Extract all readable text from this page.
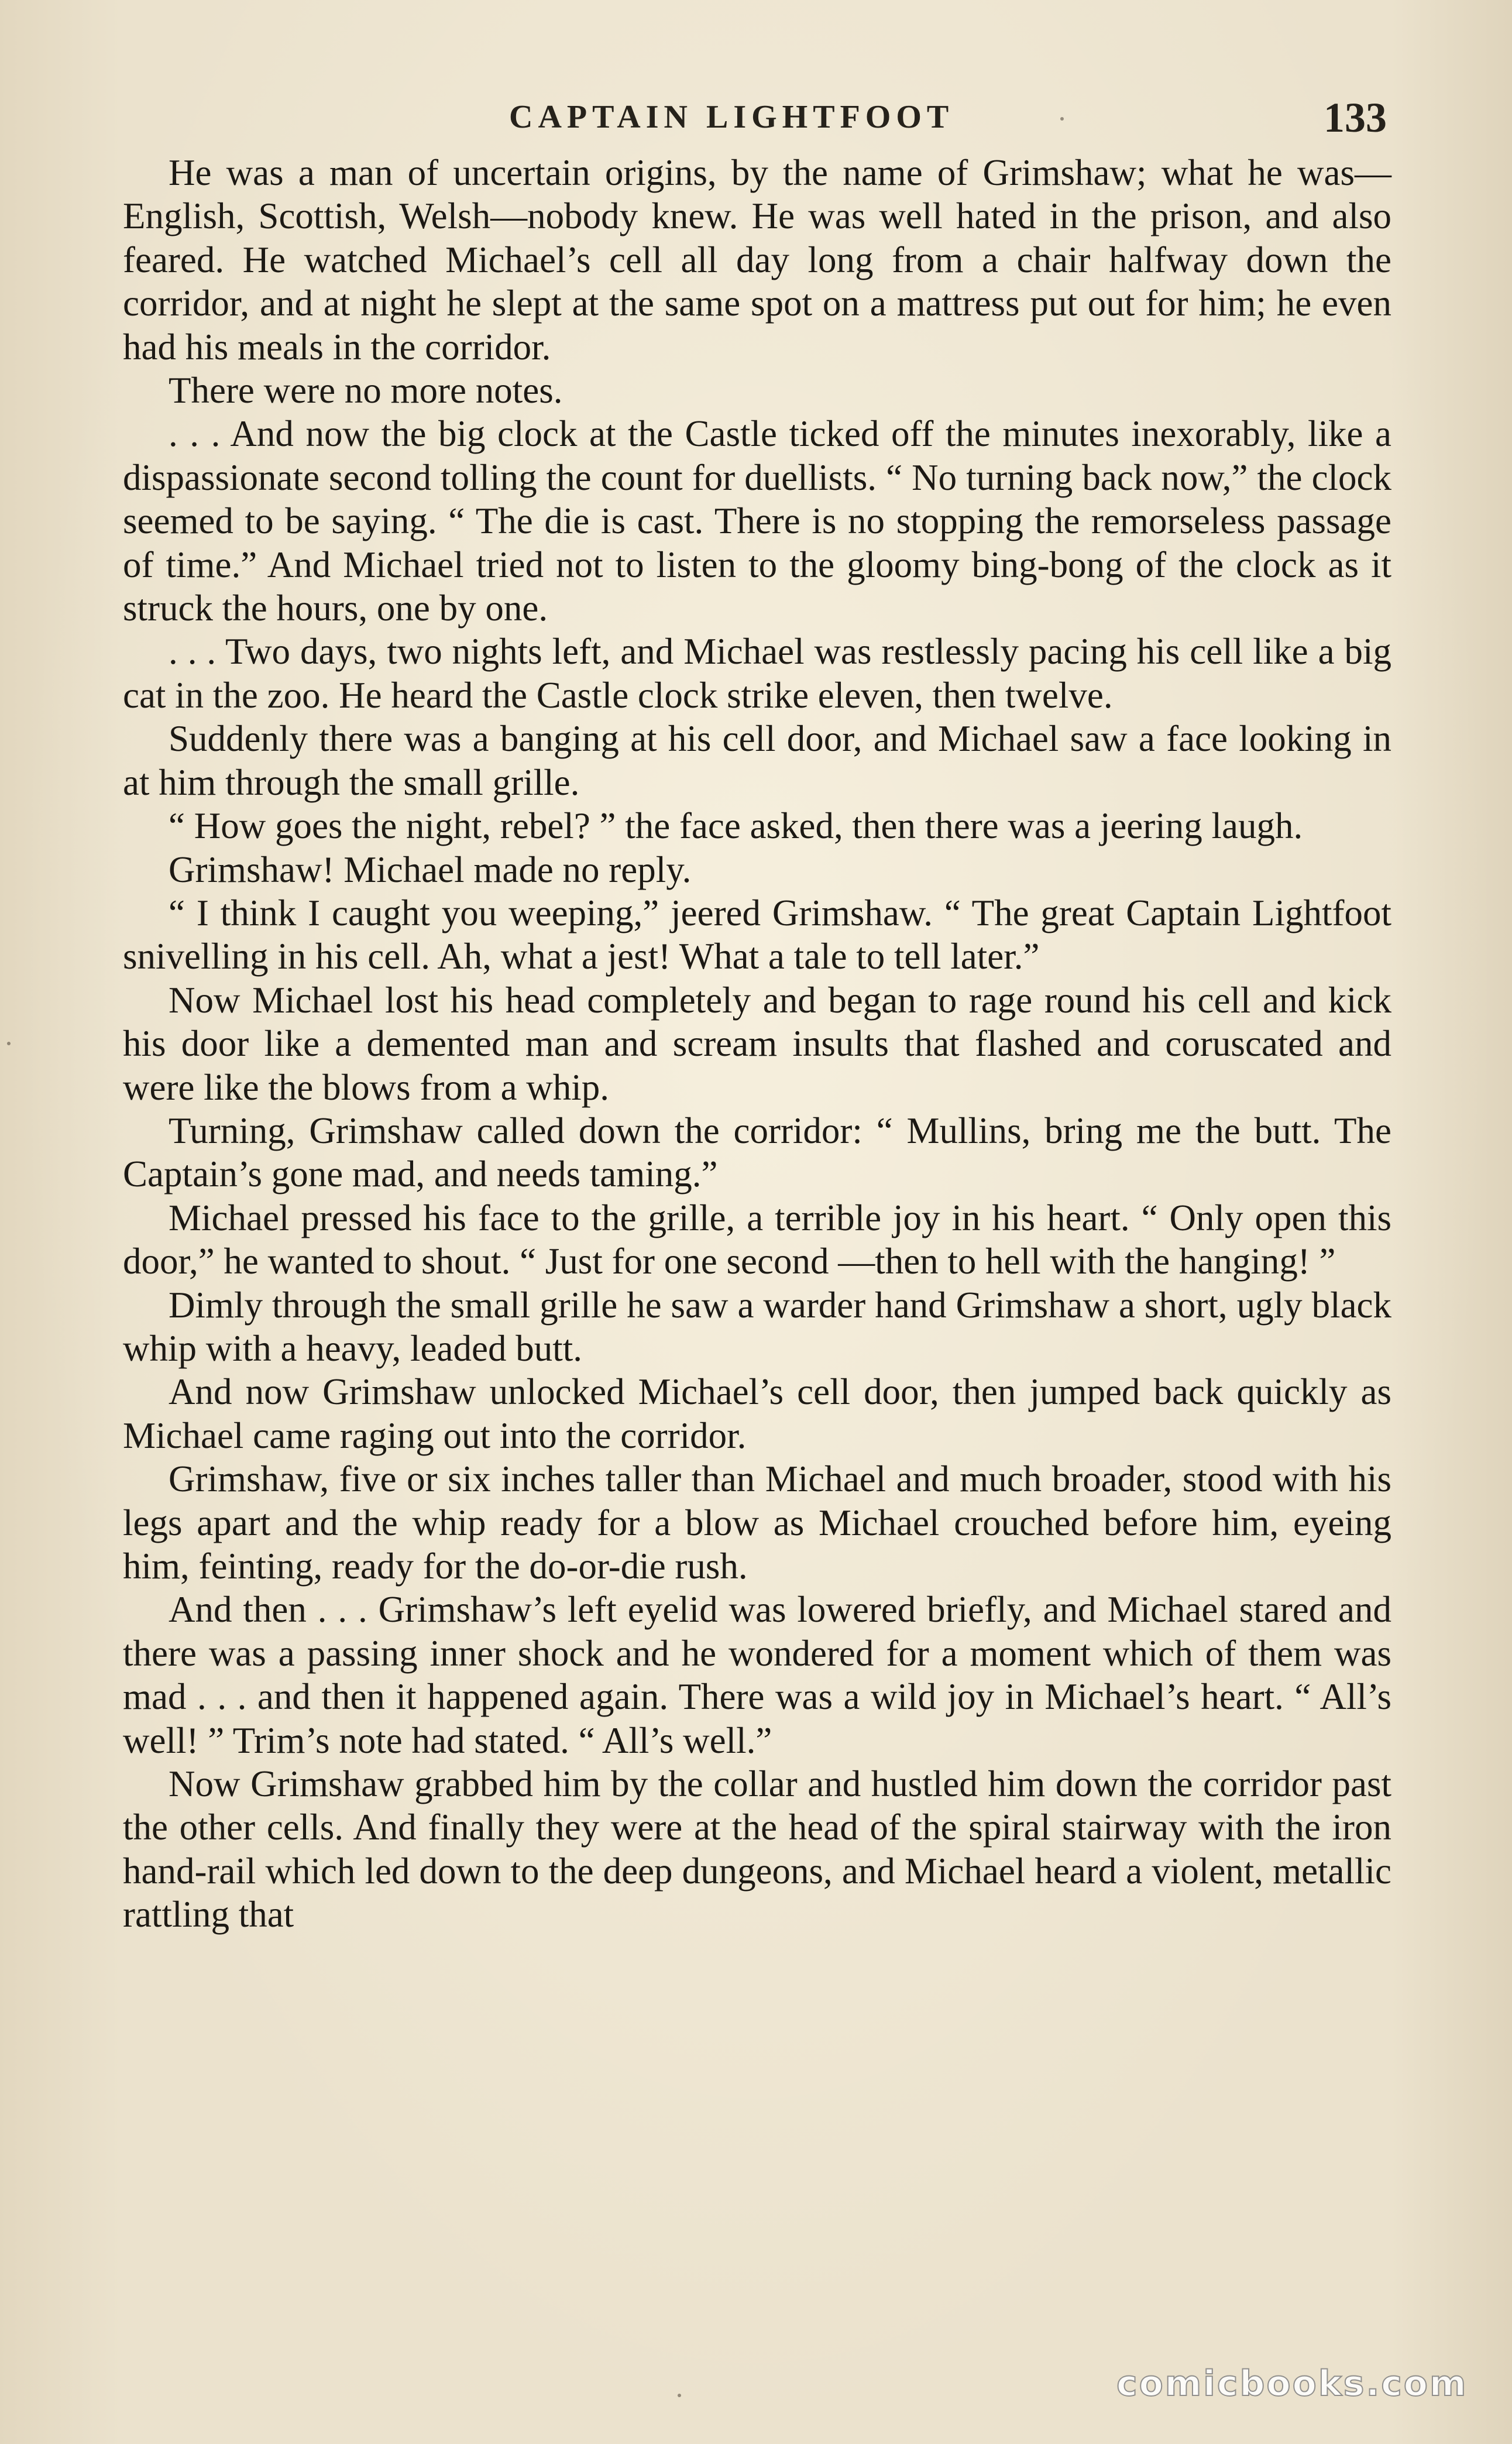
CAPTAIN LIGHTFOOT	133

He was a man of uncertain origins, by the name of Grimshaw; what he was—English, Scottish, Welsh—nobody knew. He was well hated in the prison, and also feared. He watched Michael’s cell all day long from a chair halfway down the corridor, and at night he slept at the same spot on a mattress put out for him; he even had his meals in the corridor.

There were no more notes.

. . . And now the big clock at the Castle ticked off the minutes inexorably, like a dispassionate second tolling the count for duellists. “ No turning back now,” the clock seemed to be saying. “ The die is cast. There is no stopping the remorseless passage of time.” And Michael tried not to listen to the gloomy bing-bong of the clock as it struck the hours, one by one.

. . . Two days, two nights left, and Michael was restlessly pacing his cell like a big cat in the zoo. He heard the Castle clock strike eleven, then twelve.

Suddenly there was a banging at his cell door, and Michael saw a face looking in at him through the small grille.

“ How goes the night, rebel? ” the face asked, then there was a jeering laugh.

Grimshaw! Michael made no reply.

“ I think I caught you weeping,” jeered Grimshaw. “ The great Captain Lightfoot snivelling in his cell. Ah, what a jest! What a tale to tell later.”

Now Michael lost his head completely and began to rage round his cell and kick his door like a demented man and scream insults that flashed and coruscated and were like the blows from a whip.

Turning, Grimshaw called down the corridor: “ Mullins, bring me the butt. The Captain’s gone mad, and needs taming.”

Michael pressed his face to the grille, a terrible joy in his heart. “ Only open this door,” he wanted to shout. “ Just for one second —then to hell with the hanging! ”

Dimly through the small grille he saw a warder hand Grimshaw a short, ugly black whip with a heavy, leaded butt.

And now Grimshaw unlocked Michael’s cell door, then jumped back quickly as Michael came raging out into the corridor.

Grimshaw, five or six inches taller than Michael and much broader, stood with his legs apart and the whip ready for a blow as Michael crouched before him, eyeing him, feinting, ready for the do-or-die rush.

And then . . . Grimshaw’s left eyelid was lowered briefly, and Michael stared and there was a passing inner shock and he wondered for a moment which of them was mad . . . and then it happened again. There was a wild joy in Michael’s heart. “ All’s well! ” Trim’s note had stated. “ All’s well.”

Now Grimshaw grabbed him by the collar and hustled him down the corridor past the other cells. And finally they were at the head of the spiral stairway with the iron hand-rail which led down to the deep dungeons, and Michael heard a violent, metallic rattling that

comicbooks.com
